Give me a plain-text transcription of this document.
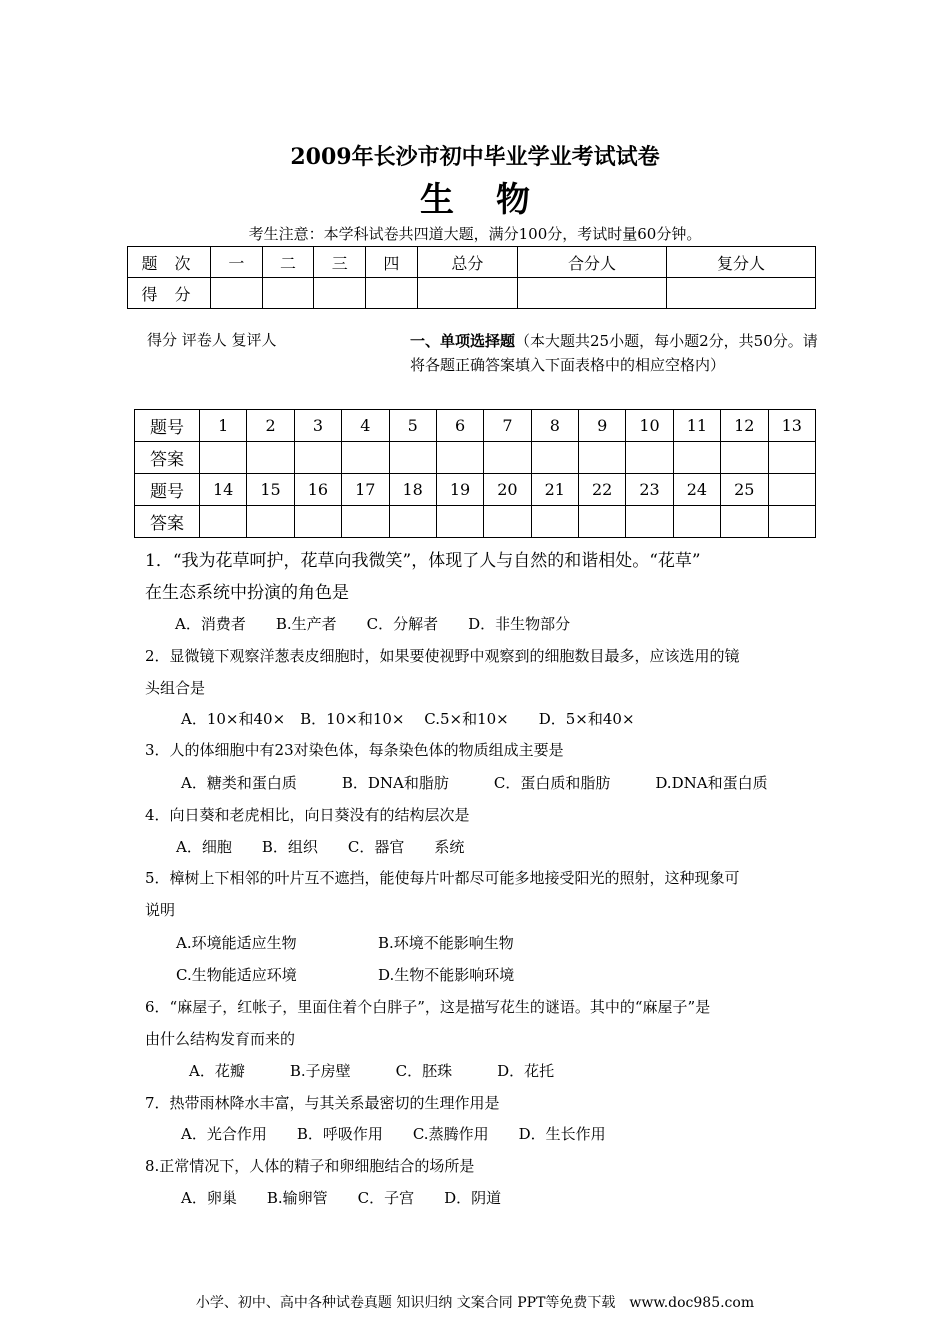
2009年长沙市初中毕业学业考试试卷
生物
考生注意：本学科试卷共四道大题，满分100分，考试时量60分钟。
题 次	一	二	三	四	总分	合分人	复分人
得 分							
得分 评卷人 复评人	一、单项选择题（本大题共25小题，每小题2分，共50分。请将各题正确答案填入下面表格中的相应空格内）
题号	1	2	3	4	5	6	7	8	9	10	11	12	13
答案													
题号	14	15	16	17	18	19	20	21	22	23	24	25	
答案													
1．“我为花草呵护，花草向我微笑”，体现了人与自然的和谐相处。“花草”
在生态系统中扮演的角色是
A．消费者　　B.生产者　　C．分解者　　D．非生物部分
2．显微镜下观察洋葱表皮细胞时，如果要使视野中观察到的细胞数目最多，应该选用的镜
头组合是
A．10×和40×　B．10×和10×　 C.5×和10×　　D．5×和40×
3．人的体细胞中有23对染色体，每条染色体的物质组成主要是
A．糖类和蛋白质　　　B．DNA和脂肪　　　C．蛋白质和脂肪　　　D.DNA和蛋白质
4．向日葵和老虎相比，向日葵没有的结构层次是
A．细胞　　B．组织　　C．器官　　系统
5．樟树上下相邻的叶片互不遮挡，能使每片叶都尽可能多地接受阳光的照射，这种现象可
说明
A.环境能适应生物	B.环境不能影响生物
C.生物能适应环境	D.生物不能影响环境
6．“麻屋子，红帐子，里面住着个白胖子”，这是描写花生的谜语。其中的“麻屋子”是
由什么结构发育而来的
A．花瓣　　　B.子房壁　　　C．胚珠　　　D．花托
7．热带雨林降水丰富，与其关系最密切的生理作用是
A．光合作用　　B．呼吸作用　　C.蒸腾作用　　D．生长作用
8.正常情况下，人体的精子和卵细胞结合的场所是
A．卵巢　　B.输卵管　　C．子宫　　D．阴道
小学、初中、高中各种试卷真题 知识归纳 文案合同 PPT等免费下载　www.doc985.com
